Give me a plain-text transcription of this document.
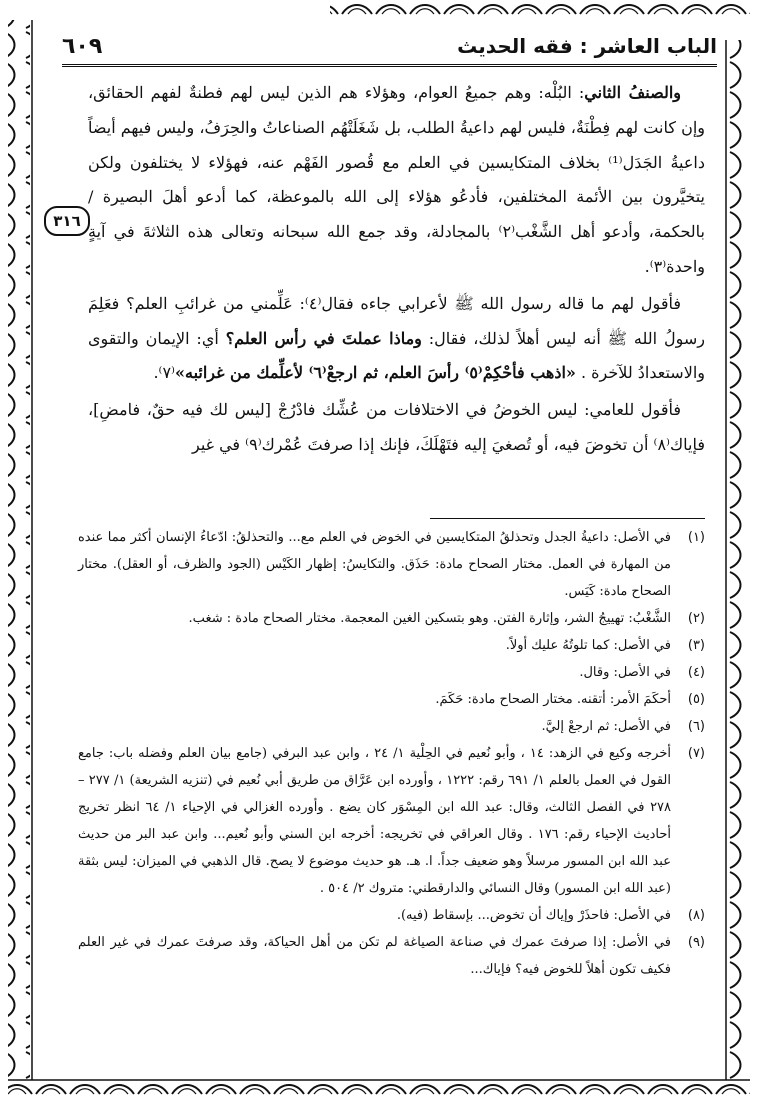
الباب العاشر : فقه الحديث
٦٠٩

والصنفُ الثاني: البُلْه: وهم جميعُ العوام، وهؤلاء هم الذين ليس لهم فطنةٌ لفهم الحقائق، وإن كانت لهم فِطْنَةٌ، فليس لهم داعيةُ الطلب، بل شَغَلَتْهُم الصناعاتُ والحِرَفُ، وليس فيهم أيضاً داعيةُ الجَدَل⁽¹⁾ بخلاف المتكايسين في العلم مع قُصور الفَهْم عنه، فهؤلاء لا يختلفون ولكن يتخيَّرون بين الأئمة المختلفين، فأدعُو هؤلاء إلى الله بالموعظة، كما أدعو أهلَ البصيرة / بالحكمة، وأدعو أهل الشَّغْب⁽٢⁾ بالمجادلة، وقد جمع الله سبحانه وتعالى هذه الثلاثةَ في آيةٍ واحدة⁽٣⁾.

فأقول لهم ما قاله رسول الله ﷺ لأعرابي جاءه فقال⁽٤⁾: عَلِّمني من غرائبِ العلم؟ فعَلِمَ رسولُ الله ﷺ أنه ليس أهلاً لذلك، فقال: وماذا عملتَ في رأس العلم؟ أي: الإيمان والتقوى والاستعدادُ للآخرة . «اذهب فأحْكِمْ⁽٥⁾ رأسَ العلم، ثم ارجعْ⁽٦⁾ لأعلِّمك من غرائبه»⁽٧⁾.

فأقول للعامي: ليس الخوضُ في الاختلافات من عُشِّك فادْرُجْ [ليس لك فيه حقٌ، فامضِ]، فإياك⁽٨⁾ أن تخوضَ فيه، أو تُصغيَ إليه فتَهْلَكَ، فإنك إذا صرفتَ عُمْرك⁽٩⁾ في غير

٣١٦
(١)
في الأصل: داعيةُ الجدل وتحذلقُ المتكايسين في الخوض في العلم مع... والتحذلقُ: ادّعاءُ الإنسان أكثر مما عنده من المهارة في العمل. مختار الصحاح مادة: حَذَق. والتكايسُ: إظهار الكَيْس (الجود والظرف، أو العقل). مختار الصحاح مادة: كَيَس.
(٢)
الشَّغْبُ: تهييجُ الشر، وإثارة الفتن. وهو بتسكين الغين المعجمة. مختار الصحاح مادة : شغب.
(٣)
في الأصل: كما تلوتُهُ عليك أولاً.
(٤)
في الأصل: وقال.
(٥)
أحكَمَ الأمر: أتقنه. مختار الصحاح مادة: حَكَمَ.
(٦)
في الأصل: ثم ارجعْ إليَّ.
(٧)
أخرجه وكيع في الزهد: ١٤ ، وأبو نُعيم في الحِلْية ١/ ٢٤ ، وابن عبد البرفي (جامع بيان العلم وفضله باب: جامع القول في العمل بالعلم ١/ ٦٩١ رقم: ١٢٢٢ ، وأورده ابن عَرَّاق من طريق أبي نُعيم في (تنزيه الشريعة) ١/ ٢٧٧ – ٢٧٨ في الفصل الثالث، وقال: عبد الله ابن المِسْوَر كان يضع . وأورده الغزالي في الإحياء ١/ ٦٤ انظر تخريج أحاديث الإحياء رقم: ١٧٦ . وقال العراقي في تخريجه: أخرجه ابن السني وأبو نُعيم... وابن عبد البر من حديث عبد الله ابن المسور مرسلاً وهو ضعيف جداً. ا. هـ. هو حديث موضوع لا يصح. قال الذهبي في الميزان: ليس بثقة (عبد الله ابن المسور) وقال النسائي والدارقطني: متروك ٢/ ٥٠٤ .
(٨)
في الأصل: فاحذَرْ وإياك أن تخوض... بإسقاط (فيه).
(٩)
في الأصل: إذا صرفتَ عمرك في صناعة الصياغة لم تكن من أهل الحياكة، وقد صرفتَ عمرك في غير العلم فكيف تكون أهلاً للخوض فيه؟ فإياك...
